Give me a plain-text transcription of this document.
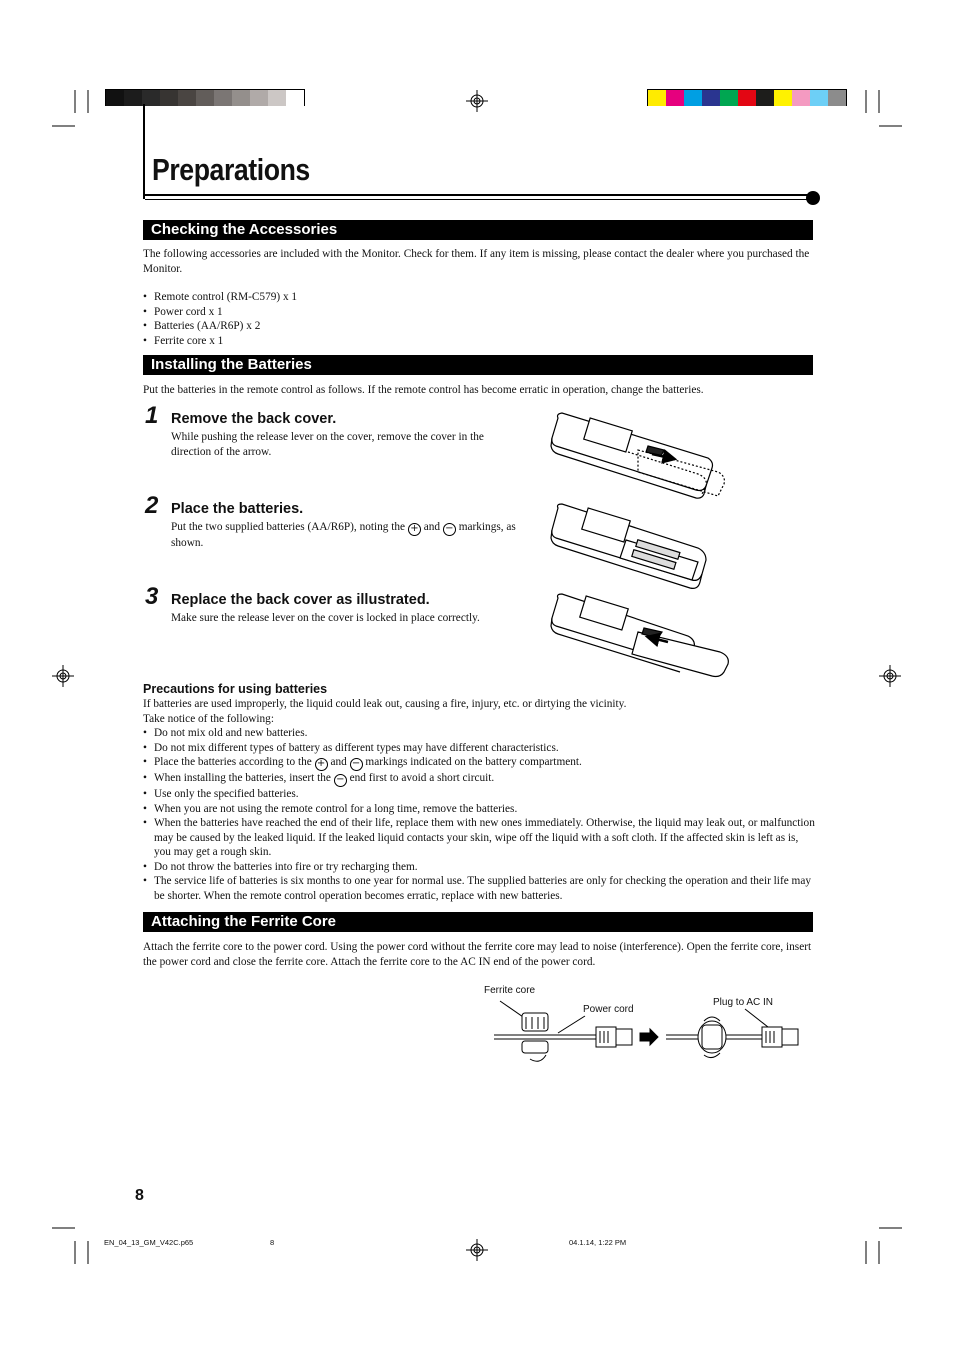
Preparations
Checking the Accessories
The following accessories are included with the Monitor. Check for them. If any item is missing, please contact the dealer where you purchased the Monitor.
• Remote control (RM-C579) x 1
• Power cord x 1
• Batteries (AA/R6P) x 2
• Ferrite core x 1
Installing the Batteries
Put the batteries in the remote control as follows. If the remote control has become erratic in operation, change the batteries.
1 Remove the back cover.
While pushing the release lever on the cover, remove the cover in the direction of the arrow.
2 Place the batteries.
Put the two supplied batteries (AA/R6P), noting the + and − markings, as shown.
3 Replace the back cover as illustrated.
Make sure the release lever on the cover is locked in place correctly.
Precautions for using batteries
If batteries are used improperly, the liquid could leak out, causing a fire, injury, etc. or dirtying the vicinity.
Take notice of the following:
• Do not mix old and new batteries.
• Do not mix different types of battery as different types may have different characteristics.
• Place the batteries according to the + and − markings indicated on the battery compartment.
• When installing the batteries, insert the − end first to avoid a short circuit.
• Use only the specified batteries.
• When you are not using the remote control for a long time, remove the batteries.
• When the batteries have reached the end of their life, replace them with new ones immediately. Otherwise, the liquid may leak out, or malfunction may be caused by the leaked liquid. If the leaked liquid contacts your skin, wipe off the liquid with a soft cloth. If the affected skin is left as is, you may get a rough skin.
• Do not throw the batteries into fire or try recharging them.
• The service life of batteries is six months to one year for normal use. The supplied batteries are only for checking the operation and their life may be shorter. When the remote control operation becomes erratic, replace with new batteries.
Attaching the Ferrite Core
Attach the ferrite core to the power cord. Using the power cord without the ferrite core may lead to noise (interference). Open the ferrite core, insert the power cord and close the ferrite core. Attach the ferrite core to the AC IN end of the power cord.
Ferrite core
Power cord
Plug to AC IN
8
EN_04_13_GM_V42C.p65	8	04.1.14, 1:22 PM
